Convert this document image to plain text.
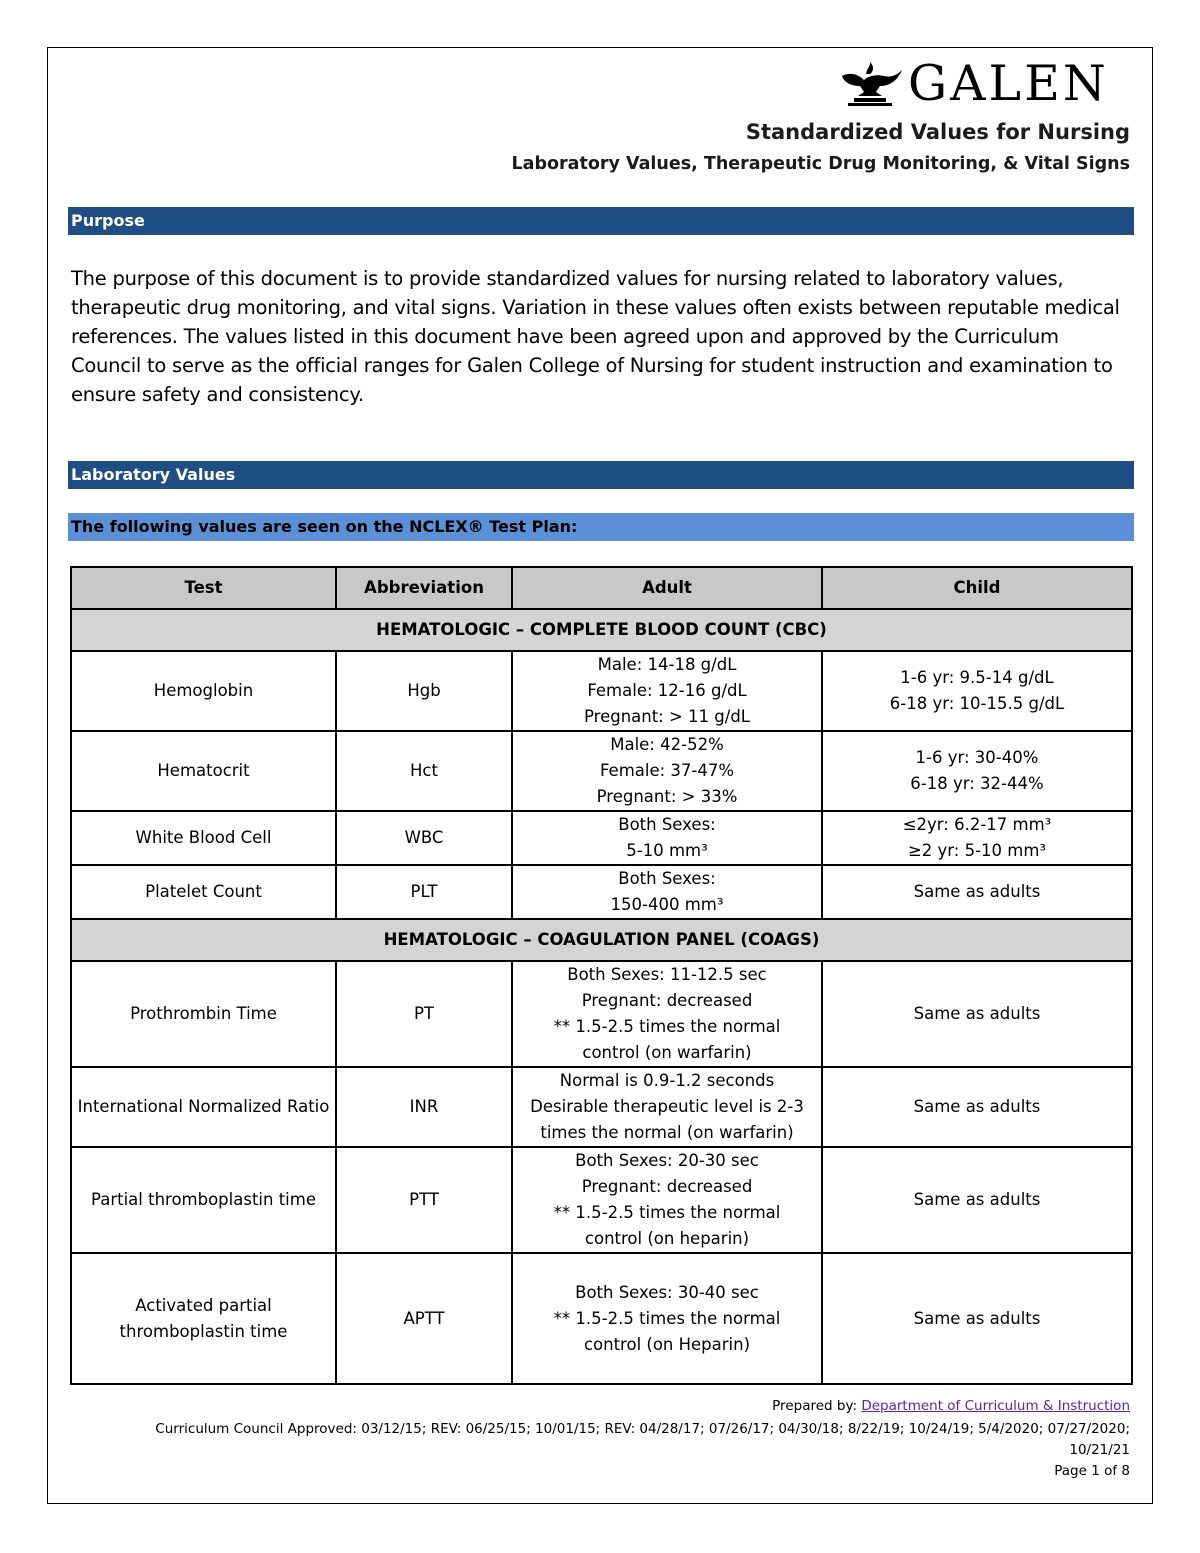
GALEN
Standardized Values for Nursing
Laboratory Values, Therapeutic Drug Monitoring, & Vital Signs
Purpose

The purpose of this document is to provide standardized values for nursing related to laboratory values, therapeutic drug monitoring, and vital signs. Variation in these values often exists between reputable medical references. The values listed in this document have been agreed upon and approved by the Curriculum Council to serve as the official ranges for Galen College of Nursing for student instruction and examination to ensure safety and consistency.

Laboratory Values
The following values are seen on the NCLEX® Test Plan:
Test	Abbreviation	Adult	Child
HEMATOLOGIC – COMPLETE BLOOD COUNT (CBC)			
Hemoglobin	Hgb	Male: 14-18 g/dL
Female: 12-16 g/dL
Pregnant: > 11 g/dL	1-6 yr: 9.5-14 g/dL
6-18 yr: 10-15.5 g/dL

Hematocrit	Hct	Male: 42-52%
Female: 37-47%
Pregnant: > 33%	1-6 yr: 30-40%
6-18 yr: 32-44%

White Blood Cell	WBC	Both Sexes:
5-10 mm³	≤2yr: 6.2-17 mm³
≥2 yr: 5-10 mm³

Platelet Count	PLT	Both Sexes:
150-400 mm³	Same as adults

HEMATOLOGIC – COAGULATION PANEL (COAGS)			
Prothrombin Time	PT	Both Sexes: 11-12.5 sec
Pregnant: decreased
** 1.5-2.5 times the normal
control (on warfarin)	Same as adults

International Normalized Ratio	INR	Normal is 0.9-1.2 seconds
Desirable therapeutic level is 2-3
times the normal (on warfarin)	Same as adults

Partial thromboplastin time	PTT	Both Sexes: 20-30 sec
Pregnant: decreased
** 1.5-2.5 times the normal
control (on heparin)	Same as adults

Activated partial thromboplastin time	APTT	Both Sexes: 30-40 sec
** 1.5-2.5 times the normal
control (on Heparin)	Same as adults
Prepared by: Department of Curriculum & Instruction
Curriculum Council Approved: 03/12/15; REV: 06/25/15; 10/01/15; REV: 04/28/17; 07/26/17; 04/30/18; 8/22/19; 10/24/19; 5/4/2020; 07/27/2020;
10/21/21
Page 1 of 8
